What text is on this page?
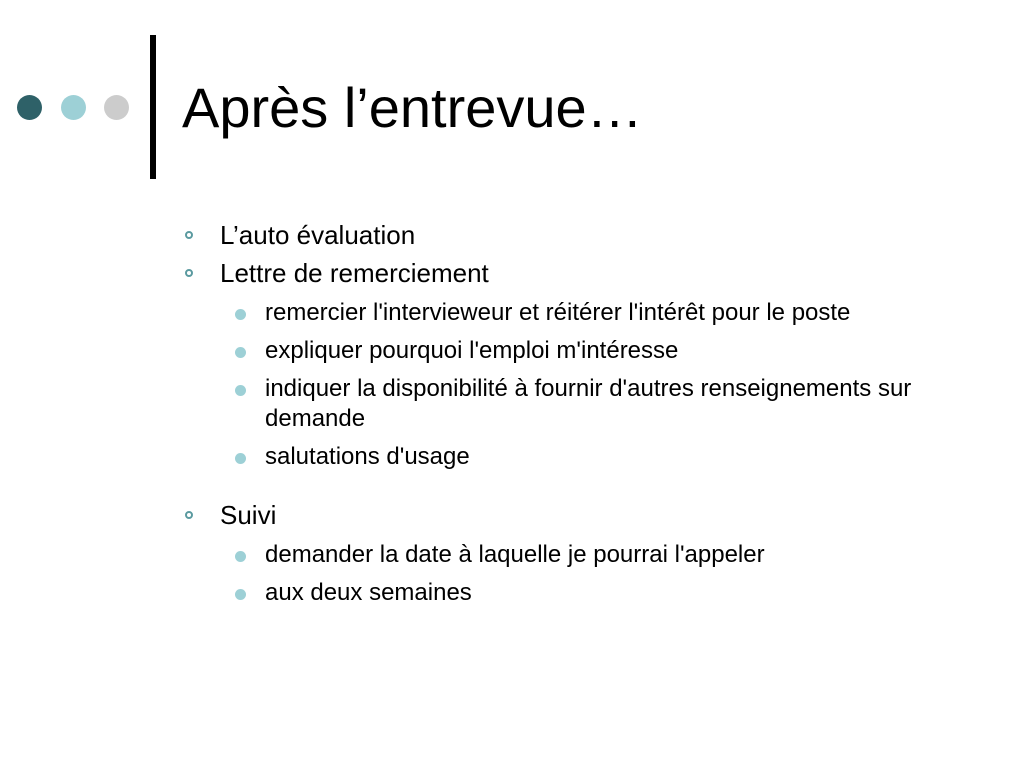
Après l’entrevue…
L’auto évaluation
Lettre de remerciement
remercier l'intervieweur et réitérer l'intérêt pour le poste
expliquer pourquoi l'emploi m'intéresse
indiquer la disponibilité à fournir d'autres renseignements sur demande
salutations d'usage
Suivi
demander la date à laquelle je pourrai l'appeler
aux deux semaines
